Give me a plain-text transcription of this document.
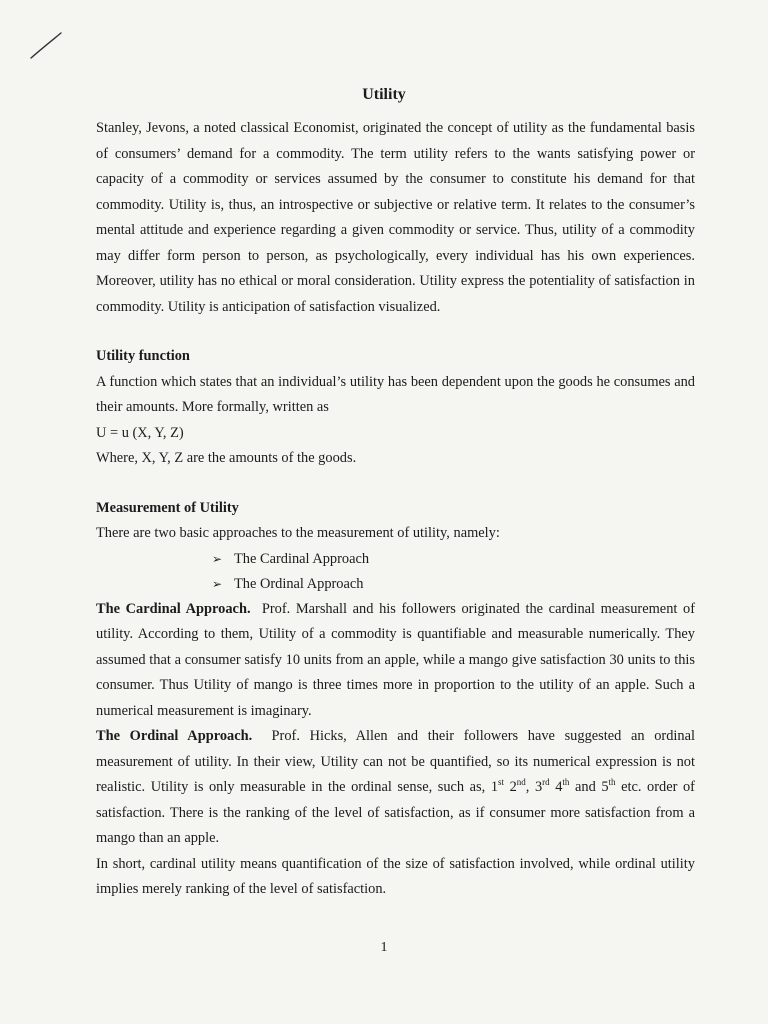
Utility

Stanley, Jevons, a noted classical Economist, originated the concept of utility as the fundamental basis of consumers’ demand for a commodity. The term utility refers to the wants satisfying power or capacity of a commodity or services assumed by the consumer to constitute his demand for that commodity. Utility is, thus, an introspective or subjective or relative term. It relates to the consumer’s mental attitude and experience regarding a given commodity or service. Thus, utility of a commodity may differ form person to person, as psychologically, every individual has his own experiences. Moreover, utility has no ethical or moral consideration. Utility express the potentiality of satisfaction in commodity. Utility is anticipation of satisfaction visualized.

Utility function

A function which states that an individual’s utility has been dependent upon the goods he consumes and their amounts. More formally, written as

U = u (X, Y, Z)

Where, X, Y, Z are the amounts of the goods.

Measurement of Utility

There are two basic approaches to the measurement of utility, namely:

➢ The Cardinal Approach
➢ The Ordinal Approach

The Cardinal Approach. Prof. Marshall and his followers originated the cardinal measurement of utility. According to them, Utility of a commodity is quantifiable and measurable numerically. They assumed that a consumer satisfy 10 units from an apple, while a mango give satisfaction 30 units to this consumer. Thus Utility of mango is three times more in proportion to the utility of an apple. Such a numerical measurement is imaginary.

The Ordinal Approach. Prof. Hicks, Allen and their followers have suggested an ordinal measurement of utility. In their view, Utility can not be quantified, so its numerical expression is not realistic. Utility is only measurable in the ordinal sense, such as, 1st 2nd, 3rd 4th and 5th etc. order of satisfaction. There is the ranking of the level of satisfaction, as if consumer more satisfaction from a mango than an apple.

In short, cardinal utility means quantification of the size of satisfaction involved, while ordinal utility implies merely ranking of the level of satisfaction.

1
